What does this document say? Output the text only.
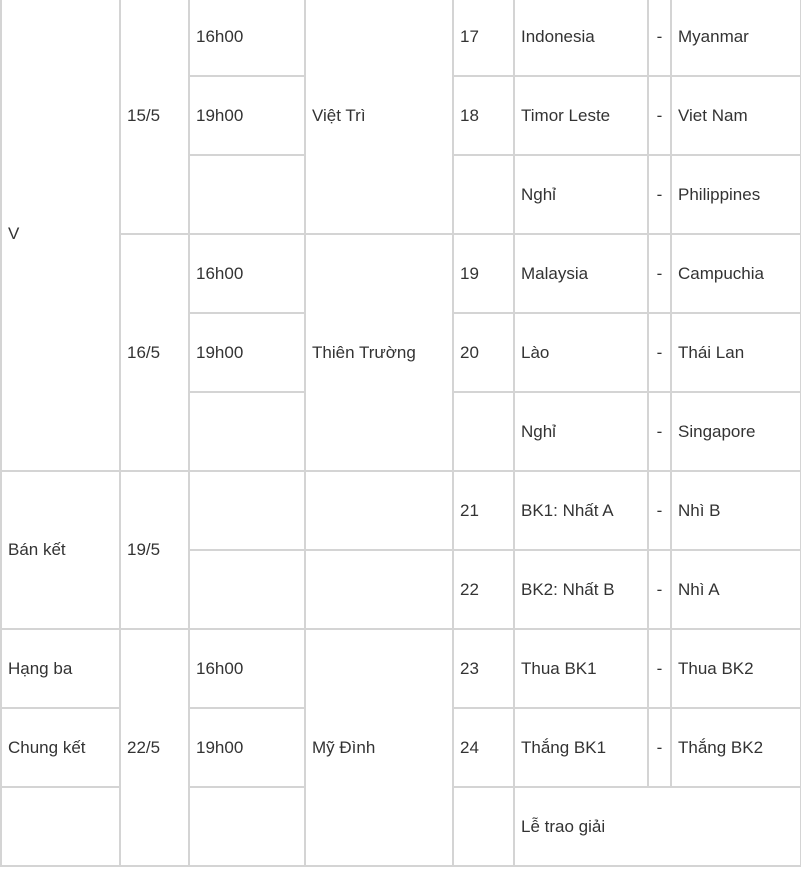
V	15/5	16h00	Việt Trì	17	Indonesia	-	Myanmar
		19h00		18	Timor Leste	-	Viet Nam
					Nghỉ	-	Philippines
	16/5	16h00	Thiên Trường	19	Malaysia	-	Campuchia
		19h00		20	Lào	-	Thái Lan
					Nghỉ	-	Singapore
Bán kết	19/5			21	BK1: Nhất A	-	Nhì B
				22	BK2: Nhất B	-	Nhì A
Hạng ba	22/5	16h00	Mỹ Đình	23	Thua BK1	-	Thua BK2
Chung kết		19h00		24	Thắng BK1	-	Thắng BK2
					Lễ trao giải		
